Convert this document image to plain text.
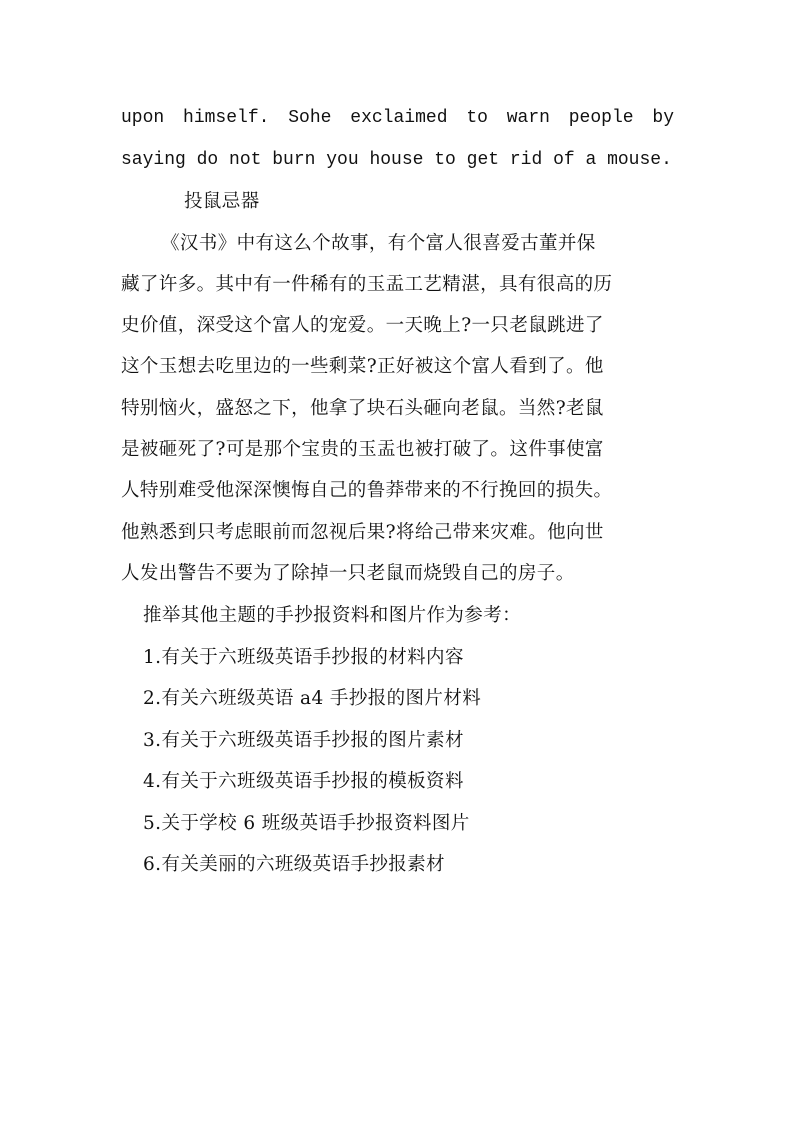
upon himself. Sohe exclaimed to warn people by
saying do not burn you house to get rid of a mouse.
投鼠忌器
《汉书》中有这么个故事，有个富人很喜爱古董并保
藏了许多。其中有一件稀有的玉盂工艺精湛，具有很高的历
史价值，深受这个富人的宠爱。一天晚上?一只老鼠跳进了
这个玉想去吃里边的一些剩菜?正好被这个富人看到了。他
特别恼火，盛怒之下，他拿了块石头砸向老鼠。当然?老鼠
是被砸死了?可是那个宝贵的玉盂也被打破了。这件事使富
人特别难受他深深懊悔自己的鲁莽带来的不行挽回的损失。
他熟悉到只考虑眼前而忽视后果?将给己带来灾难。他向世
人发出警告不要为了除掉一只老鼠而烧毁自己的房子。
推举其他主题的手抄报资料和图片作为参考：
1.有关于六班级英语手抄报的材料内容
2.有关六班级英语 a4 手抄报的图片材料
3.有关于六班级英语手抄报的图片素材
4.有关于六班级英语手抄报的模板资料
5.关于学校 6 班级英语手抄报资料图片
6.有关美丽的六班级英语手抄报素材
